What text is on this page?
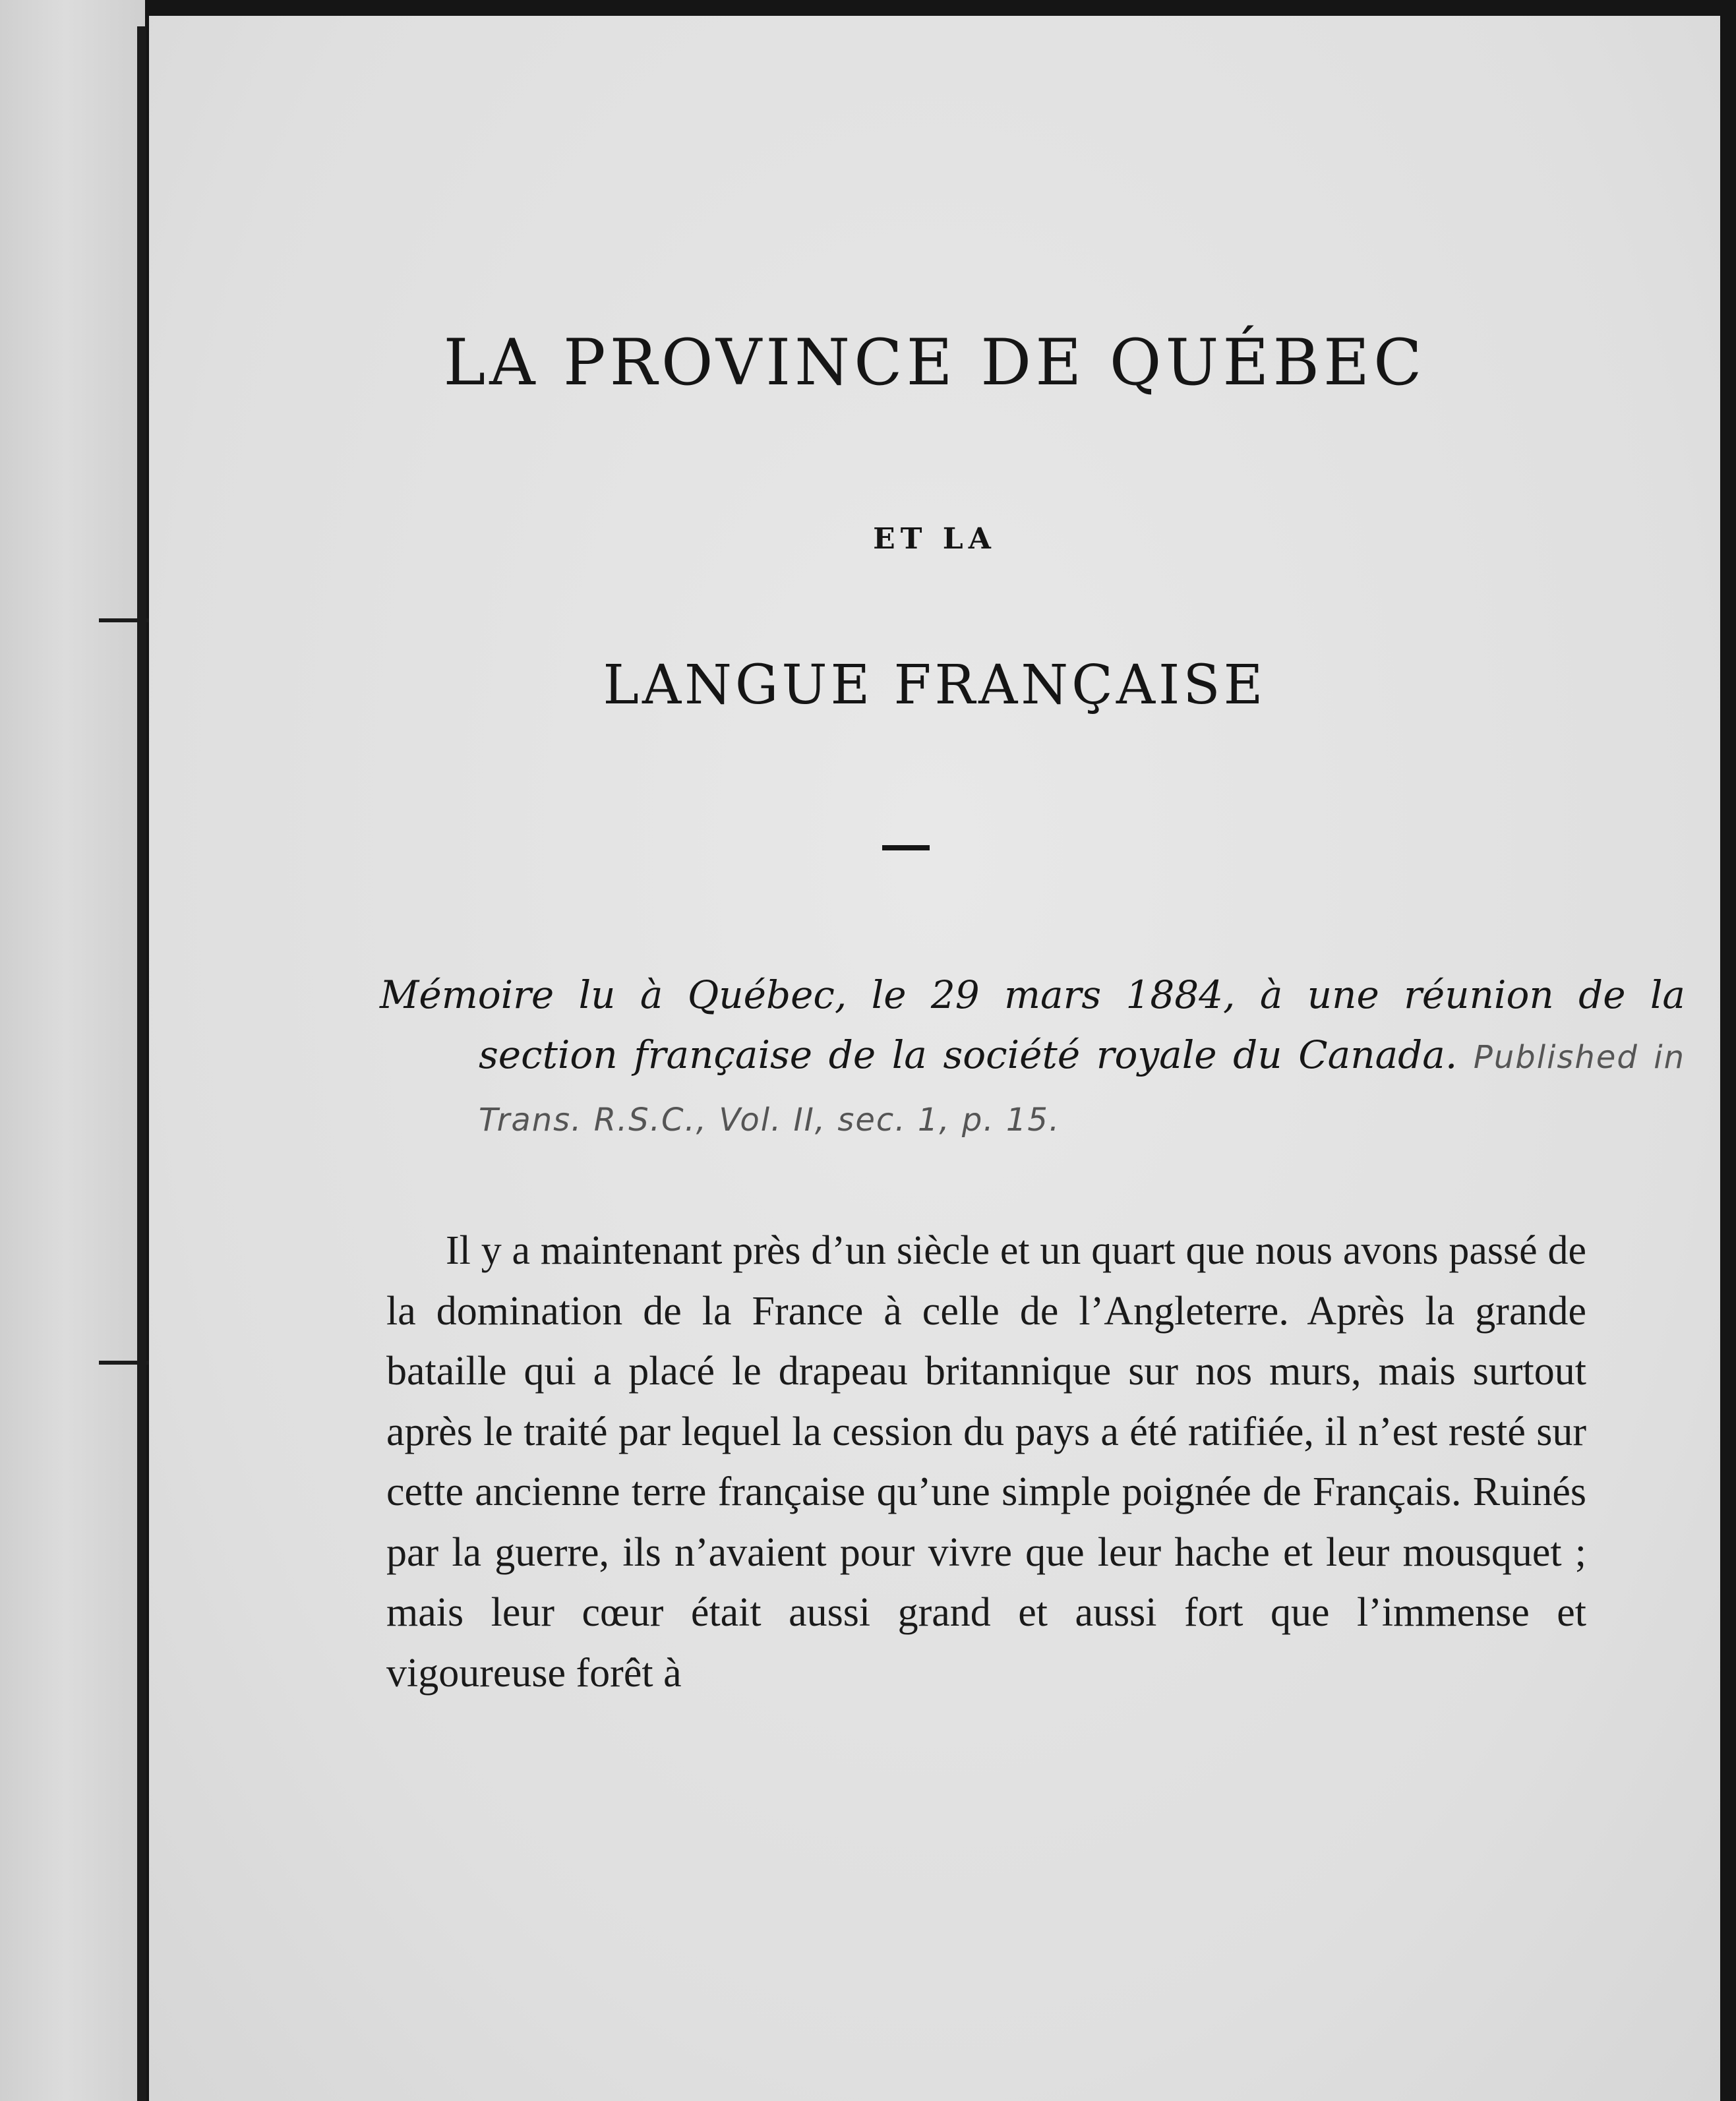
LA PROVINCE DE QUÉBEC
ET LA
LANGUE FRANÇAISE

Mémoire lu à Québec, le 29 mars 1884, à une réunion de la section française de la société royale du Canada. Published in Trans. R.S.C., Vol. II, sec. 1, p. 15.

Il y a maintenant près d’un siècle et un quart que nous avons passé de la domination de la France à celle de l’Angleterre. Après la grande bataille qui a placé le drapeau britannique sur nos murs, mais surtout après le traité par lequel la cession du pays a été ratifiée, il n’est resté sur cette ancienne terre française qu’une simple poignée de Français. Ruinés par la guerre, ils n’avaient pour vivre que leur hache et leur mousquet ; mais leur cœur était aussi grand et aussi fort que l’immense et vigoureuse forêt à
